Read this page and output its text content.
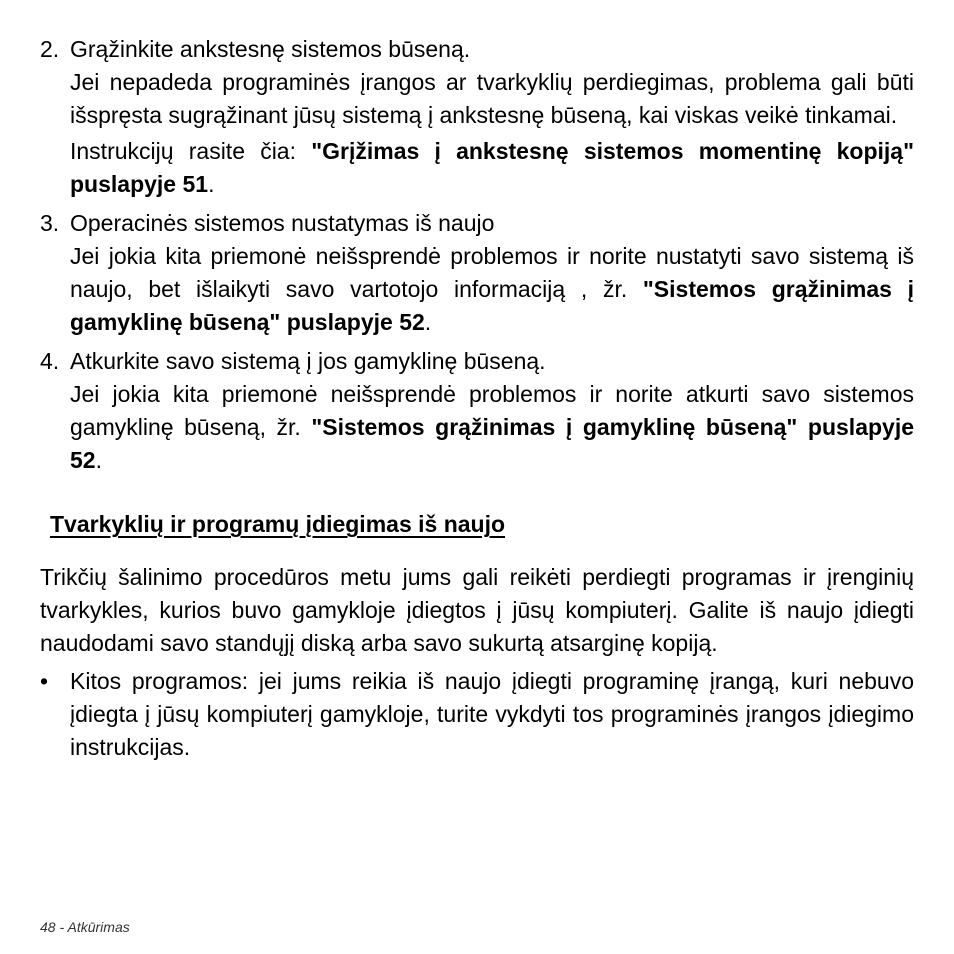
2. Grąžinkite ankstesnę sistemos būseną.
Jei nepadeda programinės įrangos ar tvarkyklių perdiegimas, problema gali būti išspręsta sugrąžinant jūsų sistemą į ankstesnę būseną, kai viskas veikė tinkamai.
Instrukcijų rasite čia: "Grįžimas į ankstesnę sistemos momentinę kopiją" puslapyje 51.
3. Operacinės sistemos nustatymas iš naujo
Jei jokia kita priemonė neišsprendė problemos ir norite nustatyti savo sistemą iš naujo, bet išlaikyti savo vartotojo informaciją , žr. "Sistemos grąžinimas į gamyklinę būseną" puslapyje 52.
4. Atkurkite savo sistemą į jos gamyklinę būseną.
Jei jokia kita priemonė neišsprendė problemos ir norite atkurti savo sistemos gamyklinę būseną, žr. "Sistemos grąžinimas į gamyklinę būseną" puslapyje 52.
Tvarkyklių ir programų įdiegimas iš naujo
Trikčių šalinimo procedūros metu jums gali reikėti perdiegti programas ir įrenginių tvarkykles, kurios buvo gamykloje įdiegtos į jūsų kompiuterį. Galite iš naujo įdiegti naudodami savo standųjį diską arba savo sukurtą atsarginę kopiją.
• Kitos programos: jei jums reikia iš naujo įdiegti programinę įrangą, kuri nebuvo įdiegta į jūsų kompiuterį gamykloje, turite vykdyti tos programinės įrangos įdiegimo instrukcijas.
48 - Atkūrimas
